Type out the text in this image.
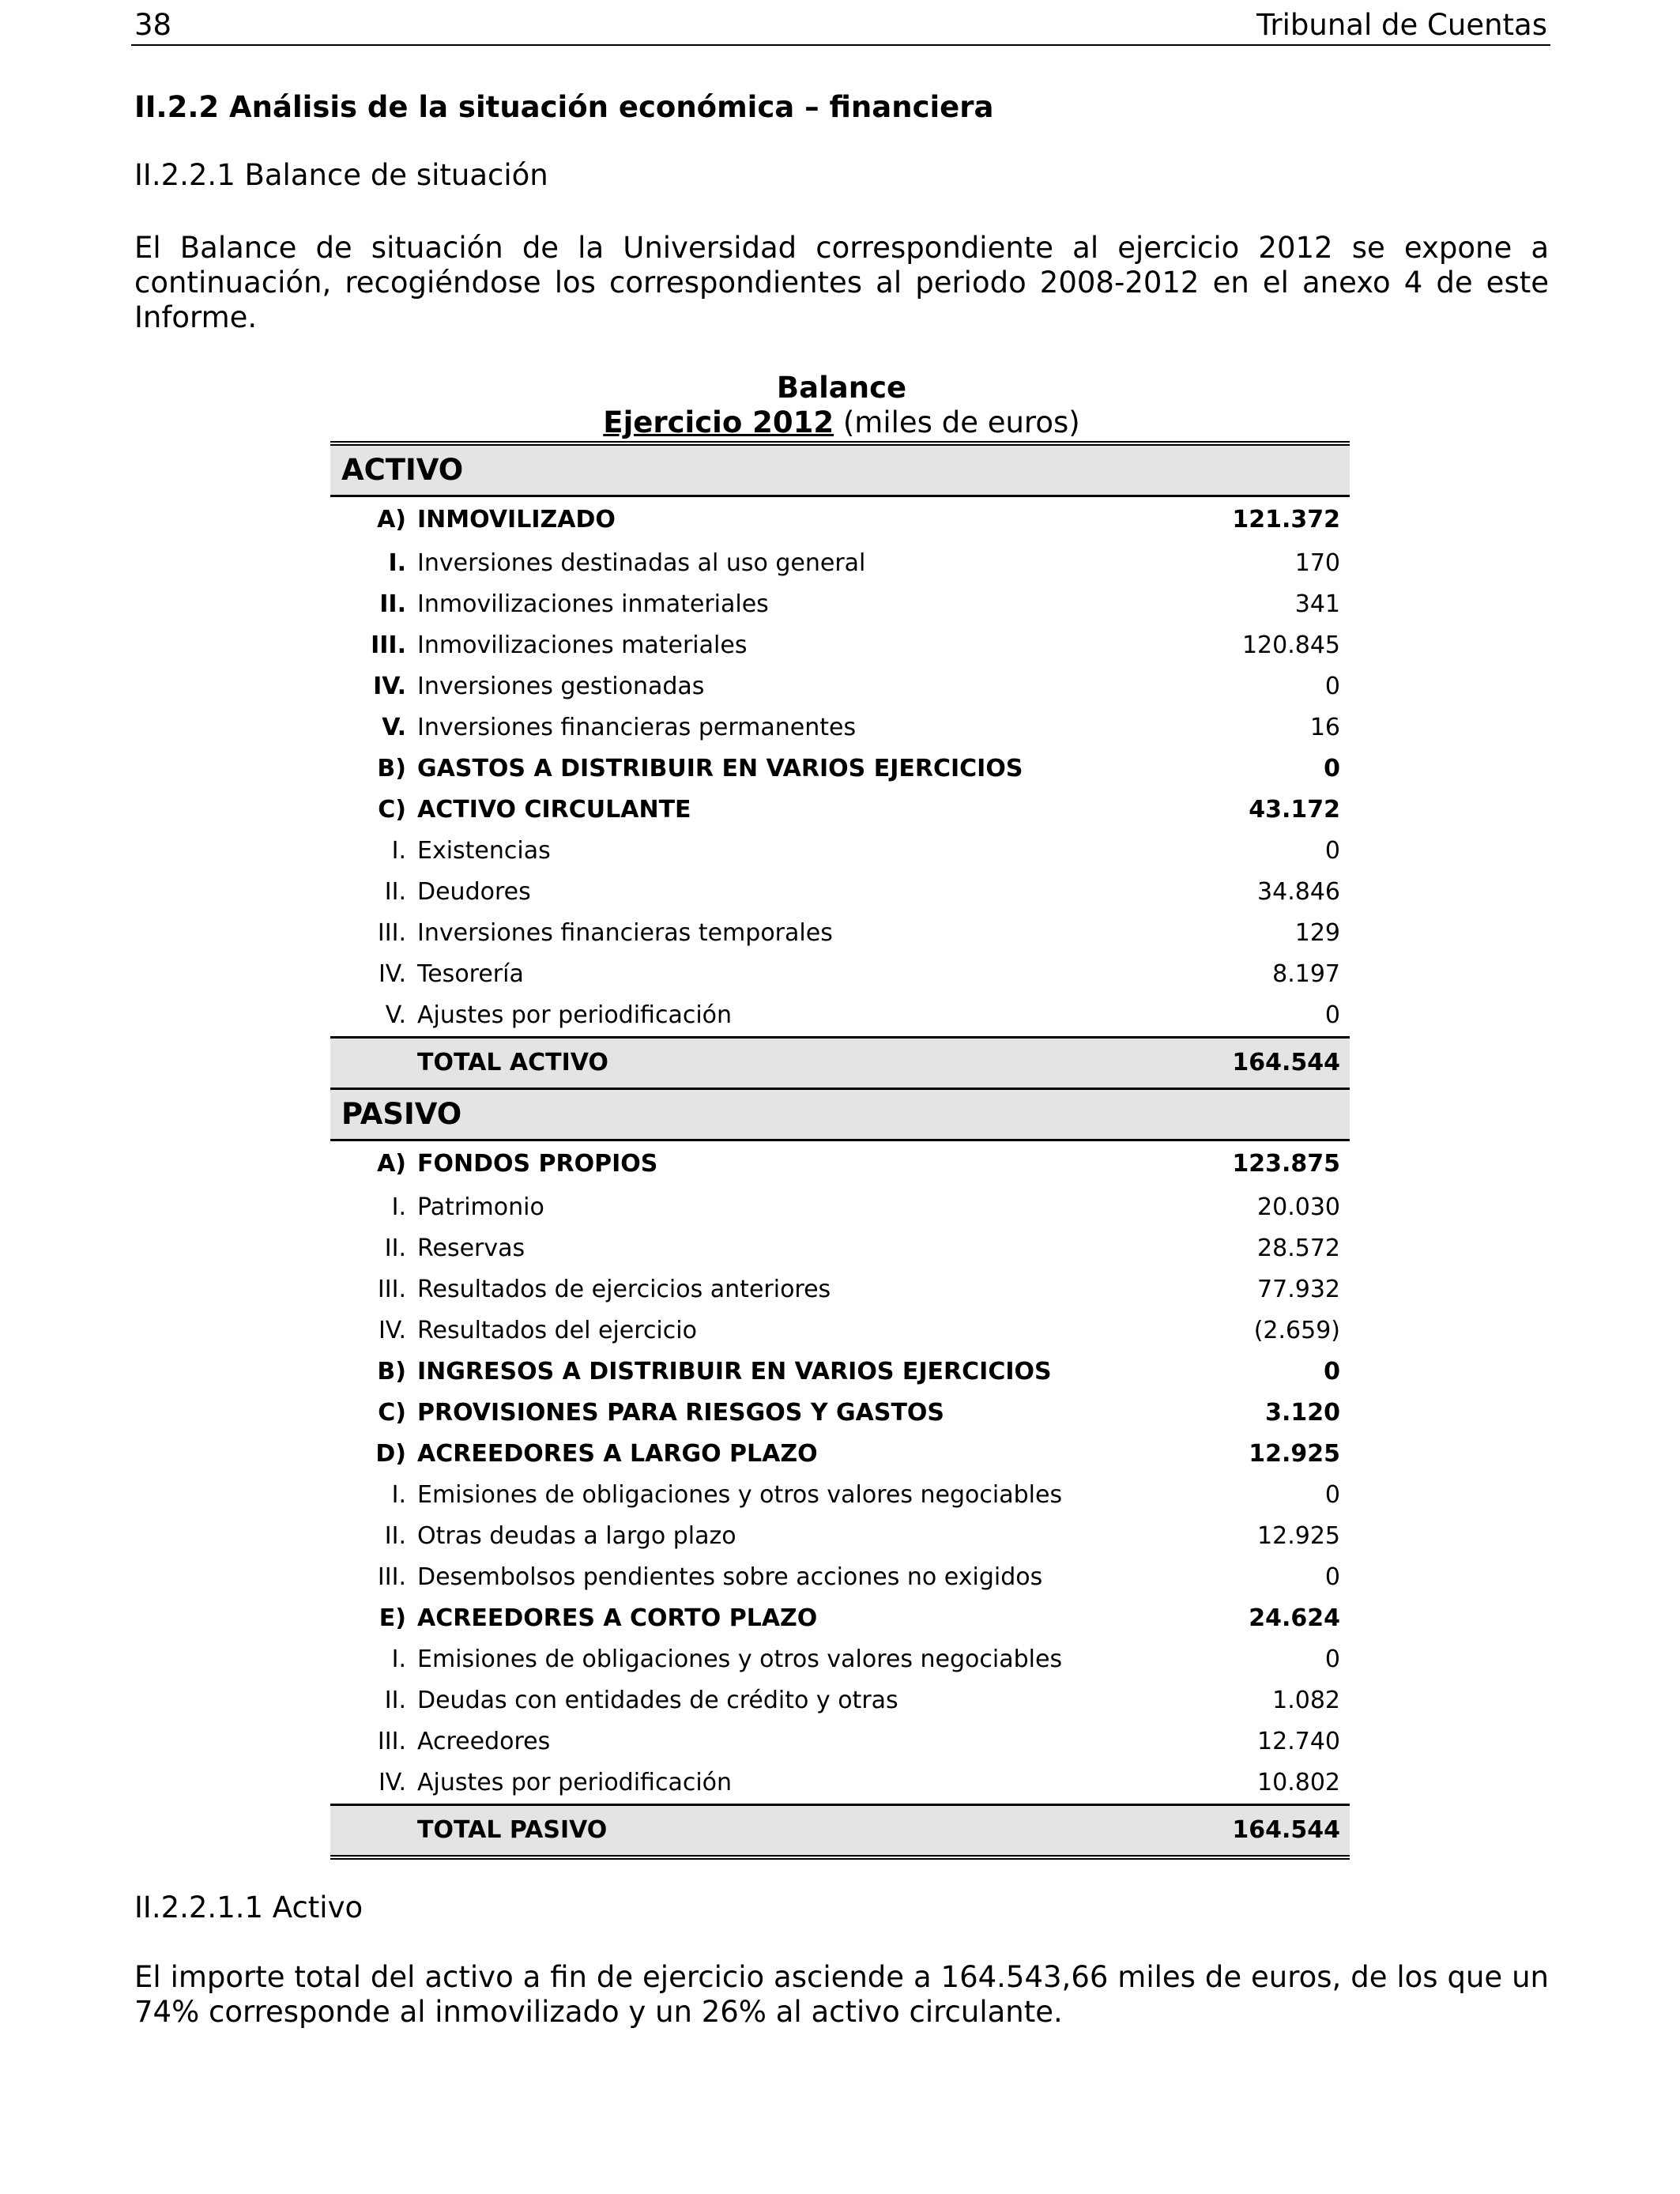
38	Tribunal de Cuentas
II.2.2 Análisis de la situación económica – financiera
II.2.2.1 Balance de situación
El Balance de situación de la Universidad correspondiente al ejercicio 2012 se expone a continuación, recogiéndose los correspondientes al periodo 2008-2012 en el anexo 4 de este Informe.
Balance
Ejercicio 2012 (miles de euros)
ACTIVO		
A)	INMOVILIZADO	121.372
I.	Inversiones destinadas al uso general	170
II.	Inmovilizaciones inmateriales	341
III.	Inmovilizaciones materiales	120.845
IV.	Inversiones gestionadas	0
V.	Inversiones financieras permanentes	16
B)	GASTOS A DISTRIBUIR EN VARIOS EJERCICIOS	0
C)	ACTIVO CIRCULANTE	43.172
I.	Existencias	0
II.	Deudores	34.846
III.	Inversiones financieras temporales	129
IV.	Tesorería	8.197
V.	Ajustes por periodificación	0
	TOTAL ACTIVO	164.544
PASIVO		
A)	FONDOS PROPIOS	123.875
I.	Patrimonio	20.030
II.	Reservas	28.572
III.	Resultados de ejercicios anteriores	77.932
IV.	Resultados del ejercicio	(2.659)
B)	INGRESOS A DISTRIBUIR EN VARIOS EJERCICIOS	0
C)	PROVISIONES PARA RIESGOS Y GASTOS	3.120
D)	ACREEDORES A LARGO PLAZO	12.925
I.	Emisiones de obligaciones y otros valores negociables	0
II.	Otras deudas a largo plazo	12.925
III.	Desembolsos pendientes sobre acciones no exigidos	0
E)	ACREEDORES A CORTO PLAZO	24.624
I.	Emisiones de obligaciones y otros valores negociables	0
II.	Deudas con entidades de crédito y otras	1.082
III.	Acreedores	12.740
IV.	Ajustes por periodificación	10.802
	TOTAL PASIVO	164.544
II.2.2.1.1 Activo
El importe total del activo a fin de ejercicio asciende a 164.543,66 miles de euros, de los que un 74% corresponde al inmovilizado y un 26% al activo circulante.
